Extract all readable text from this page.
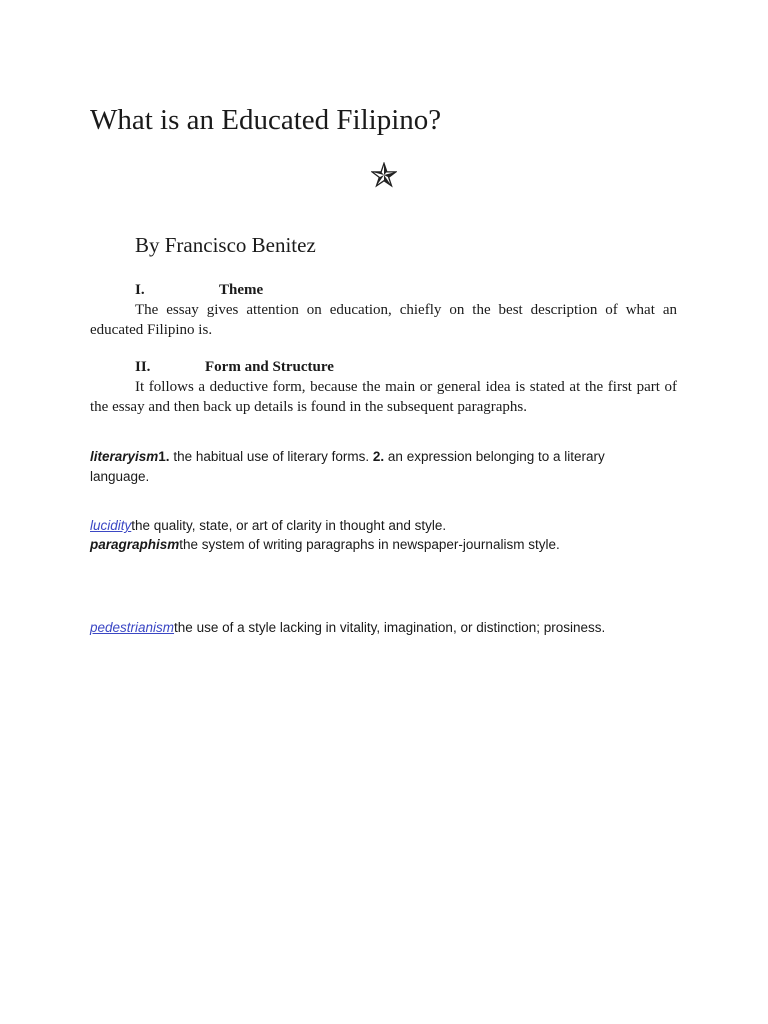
What is an Educated Filipino?
By Francisco Benitez
I.	Theme

The essay gives attention on education, chiefly on the best description of what an educated Filipino is.

II.	Form and Structure

It follows a deductive form, because the main or general idea is stated at the first part of the essay and then back up details is found in the subsequent paragraphs.

literaryism1. the habitual use of literary forms. 2. an expression belonging to a literary language.

luciditythe quality, state, or art of clarity in thought and style.

paragraphismthe system of writing paragraphs in newspaper-journalism style.

pedestrianismthe use of a style lacking in vitality, imagination, or distinction; prosiness.
